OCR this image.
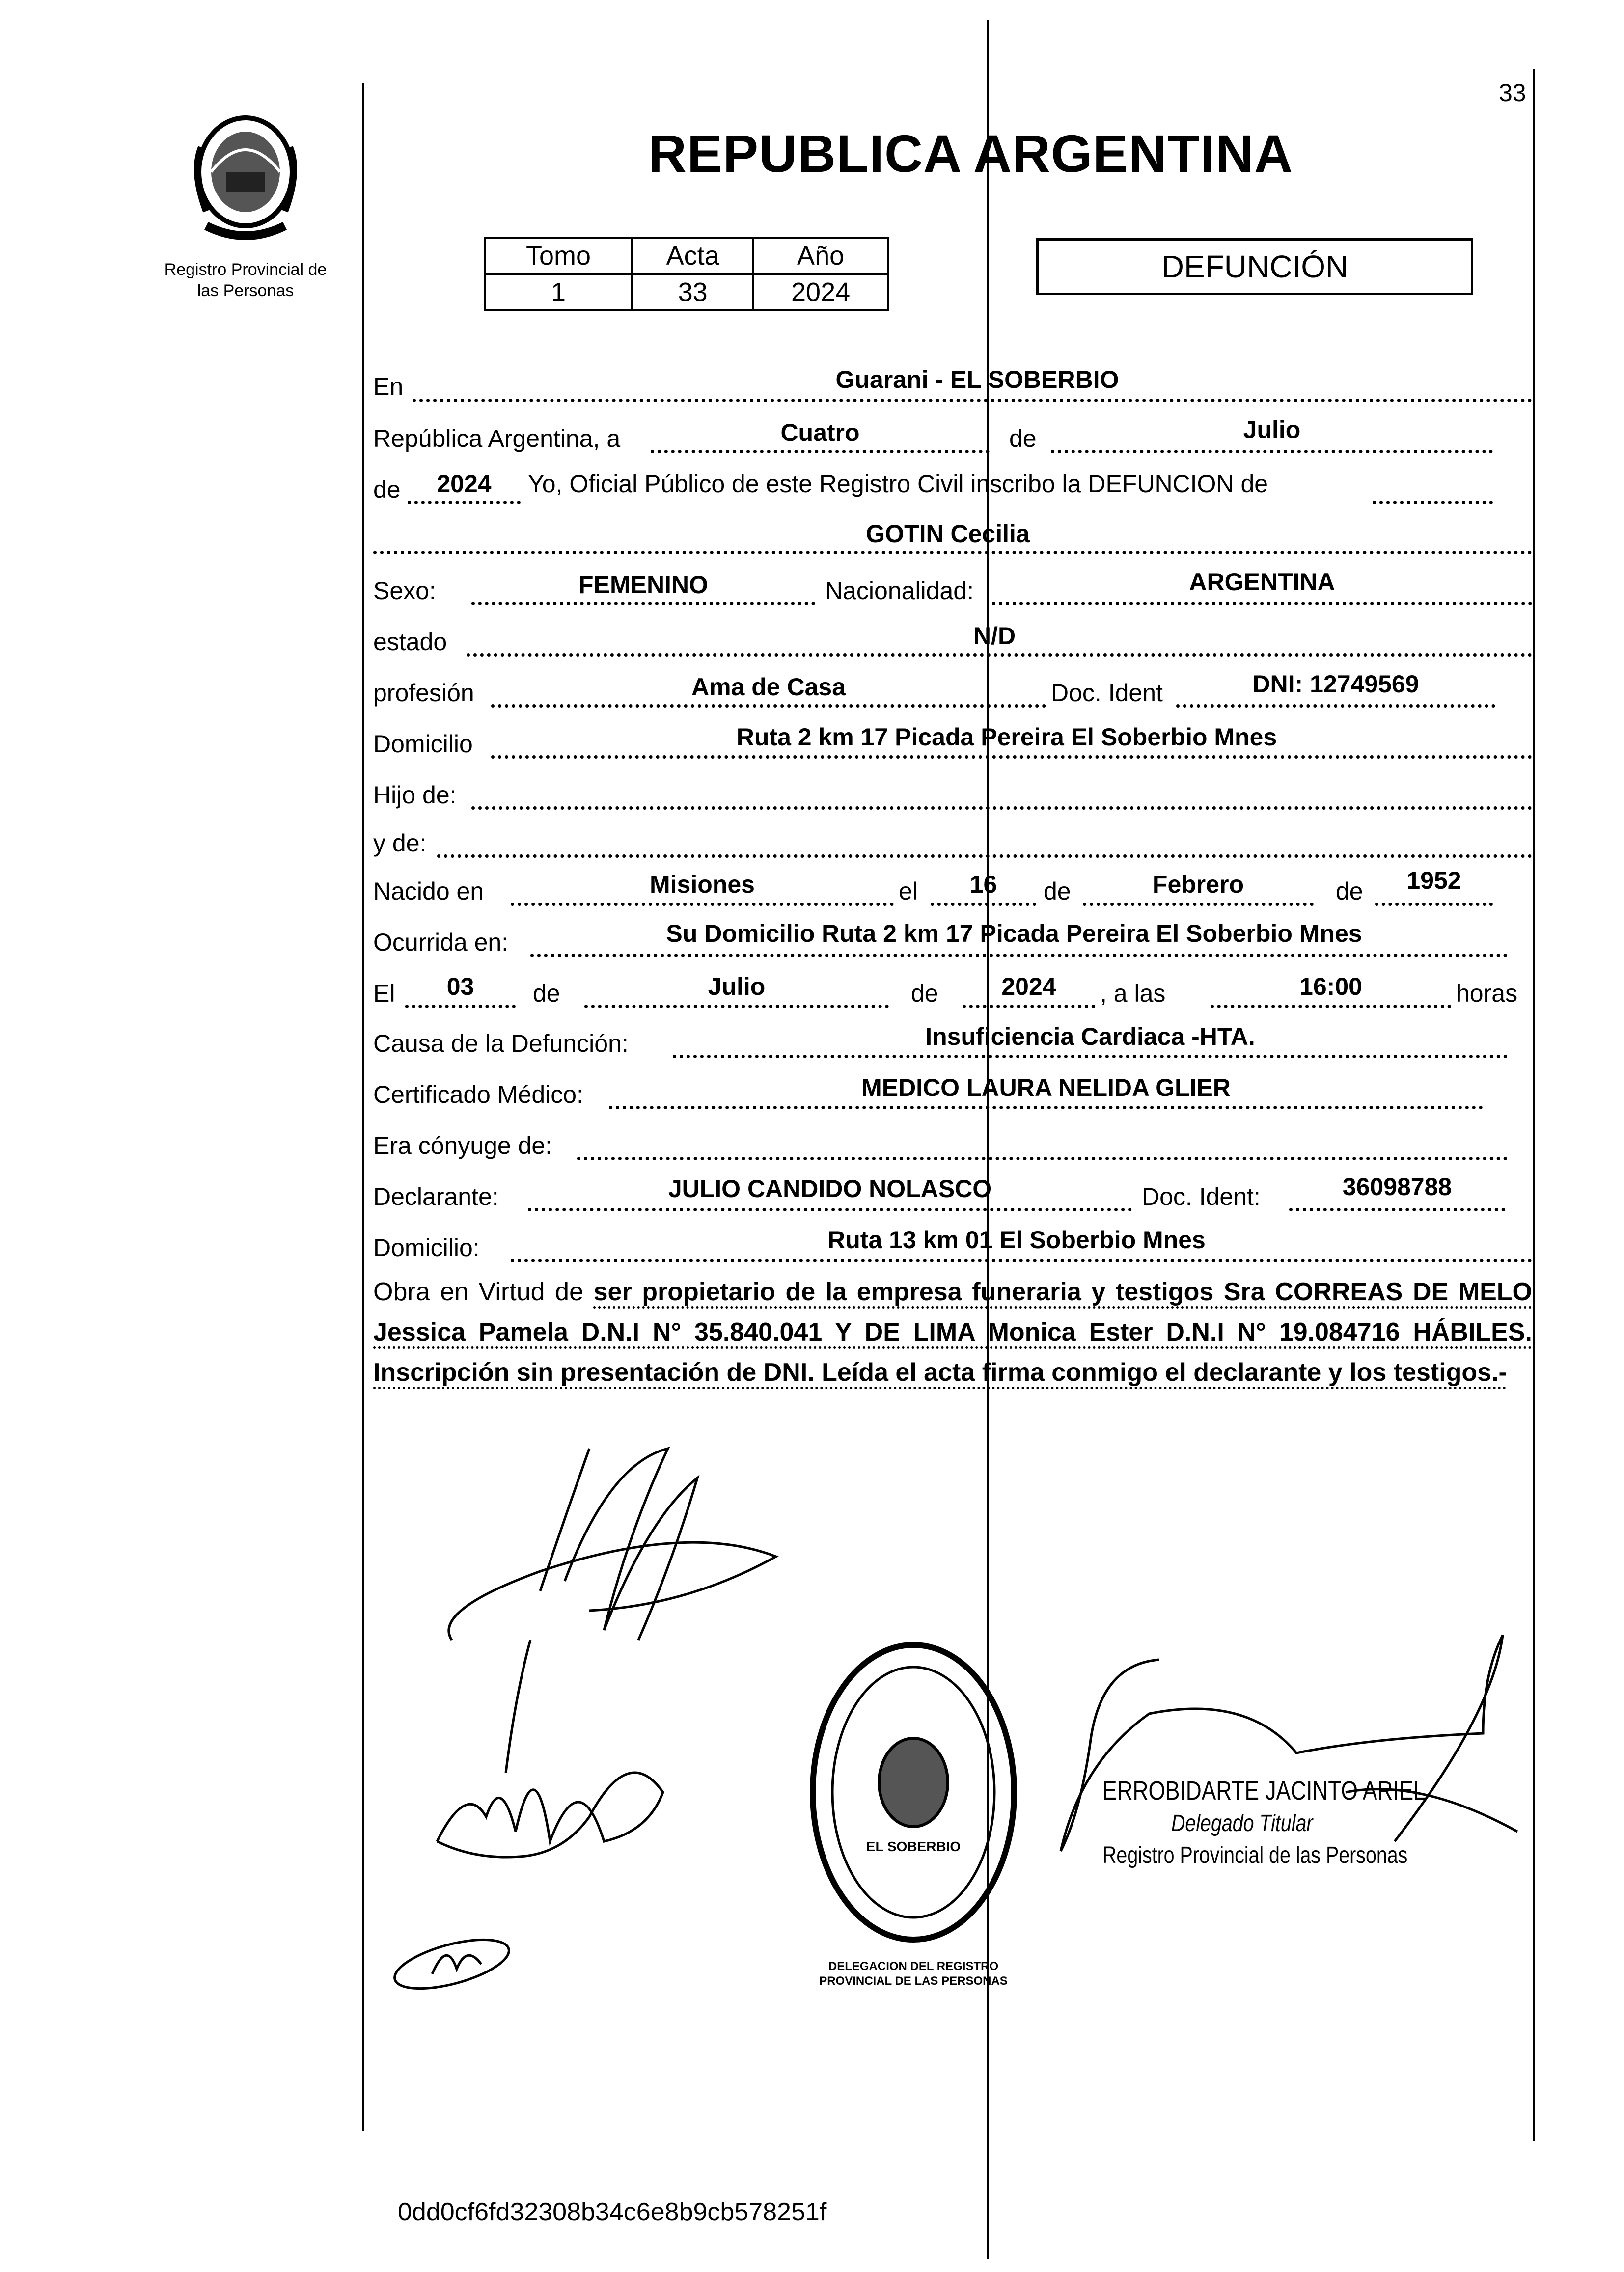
33
Registro Provincial de
las Personas
REPUBLICA ARGENTINA
Tomo	Acta	Año
1	33	2024
DEFUNCIÓN
En	Guarani - EL SOBERBIO
República Argentina, a	Cuatro	de	Julio
de	2024	Yo, Oficial Público de este Registro Civil inscribo la DEFUNCION de
GOTIN Cecilia
Sexo:	FEMENINO	Nacionalidad:	ARGENTINA
estado	N/D
profesión	Ama de Casa	Doc. Ident	DNI: 12749569
Domicilio	Ruta 2 km 17 Picada Pereira El Soberbio Mnes
Hijo de:
y de:
Nacido en	Misiones	el	16	de	Febrero	de	1952
Ocurrida en:	Su Domicilio Ruta 2 km 17 Picada Pereira El Soberbio Mnes
El	03	de	Julio	de	2024	, a las	16:00	horas
Causa de la Defunción:	Insuficiencia Cardiaca -HTA.
Certificado Médico:	MEDICO LAURA NELIDA GLIER
Era cónyuge de:
Declarante:	JULIO CANDIDO NOLASCO	Doc. Ident:	36098788
Domicilio:	Ruta 13 km 01 El Soberbio Mnes
Obra en Virtud de ser propietario de la empresa funeraria y testigos Sra CORREAS DE MELO Jessica Pamela D.N.I N° 35.840.041 Y DE LIMA Monica Ester D.N.I N° 19.084716 HÁBILES. Inscripción sin presentación de DNI. Leída el acta firma conmigo el declarante y los testigos.-
EL SOBERBIO
DELEGACION DEL REGISTRO PROVINCIAL DE LAS PERSONAS
ERROBIDARTE JACINTO ARIEL
Delegado Titular
Registro Provincial de las Personas
0dd0cf6fd32308b34c6e8b9cb578251f
